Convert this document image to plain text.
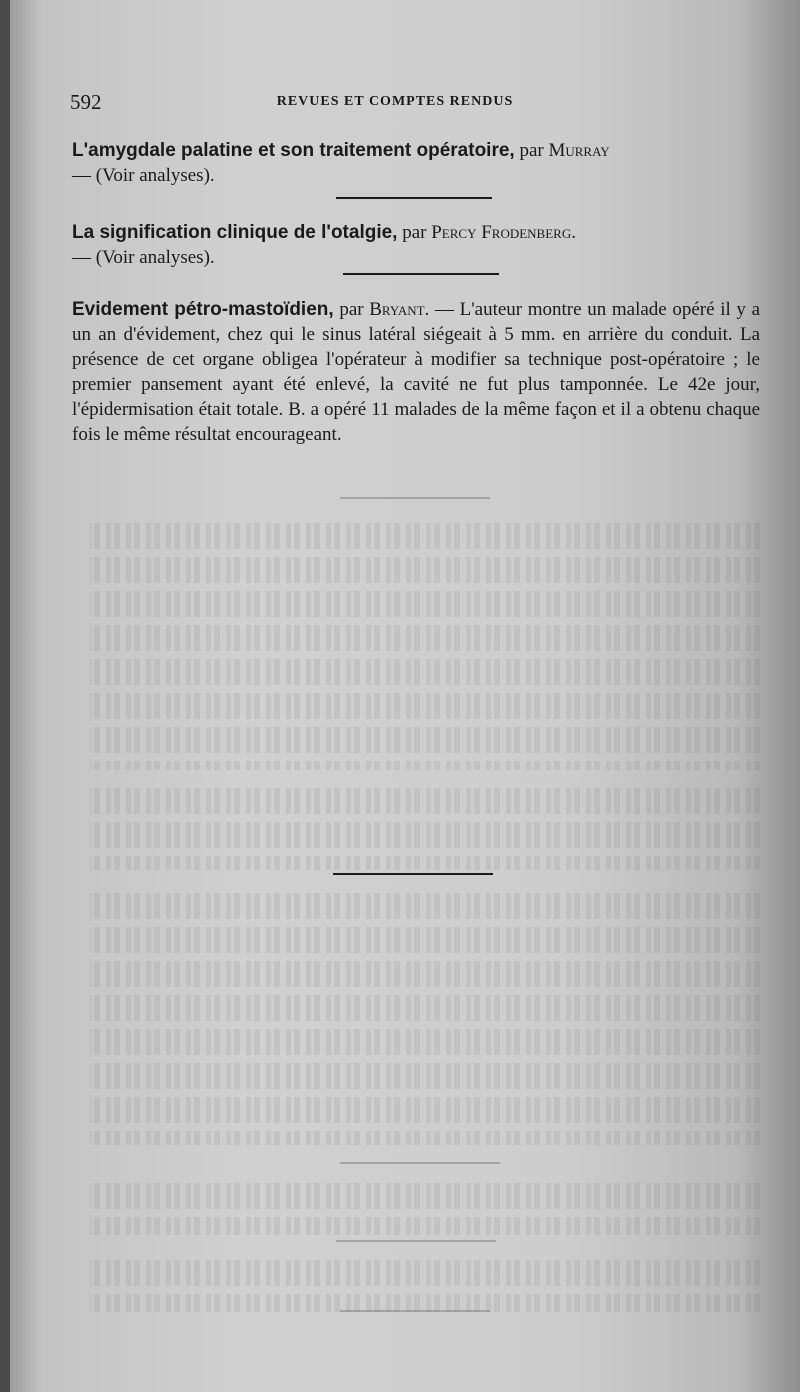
592	REVUES ET COMPTES RENDUS

L'amygdale palatine et son traitement opératoire, par Murray
— (Voir analyses).

La signification clinique de l'otalgie, par Percy Frodenberg.
— (Voir analyses).

Evidement pétro-mastoïdien, par Bryant. — L'auteur montre un malade opéré il y a un an d'évidement, chez qui le sinus latéral siégeait à 5 mm. en arrière du conduit. La présence de cet organe obligea l'opérateur à modifier sa technique post-opératoire ; le premier pansement ayant été enlevé, la cavité ne fut plus tamponnée. Le 42e jour, l'épidermisation était totale. B. a opéré 11 malades de la même façon et il a obtenu chaque fois le même résultat encourageant.
